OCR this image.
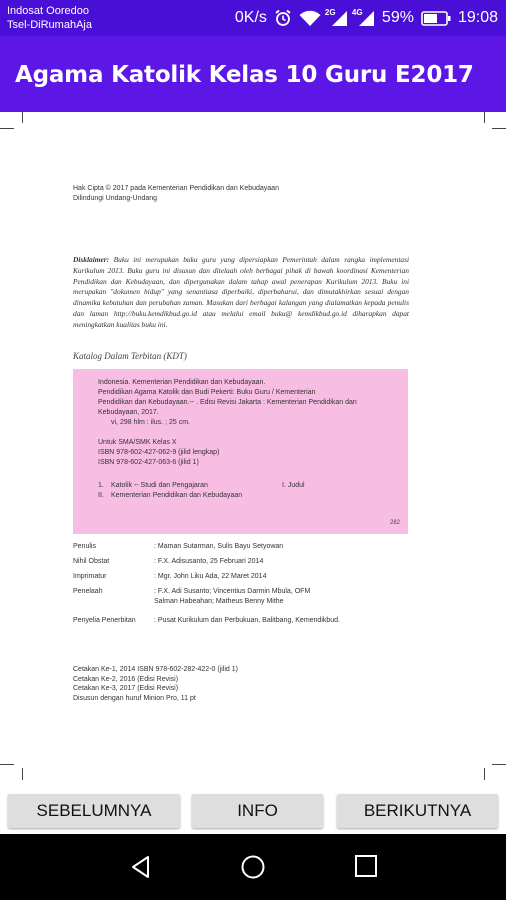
Indosat Ooredoo
Tsel-DiRumahAja	0K/s	2G 4G 59%	19:08
Agama Katolik Kelas 10 Guru E2017
Hak Cipta © 2017 pada Kementerian Pendidikan dan Kebudayaan
Dilindungi Undang-Undang
Disklaimer: Buku ini merupakan buku guru yang dipersiapkan Pemerintah dalam rangka implementasi Kurikulum 2013. Buku guru ini disusun dan ditelaah oleh berbagai pihak di bawah koordinasi Kementerian Pendidikan dan Kebudayaan, dan dipergunakan dalam tahap awal penerapan Kurikulum 2013. Buku ini merupakan "dokumen hidup" yang senantiasa diperbaiki, diperbaharui, dan dimutakhirkan sesuai dengan dinamika kebutuhan dan perubahan zaman. Masukan dari berbagai kalangan yang dialamatkan kepada penulis dan laman http://buku.kemdikbud.go.id atau melalui email buku@ kemdikbud.go.id diharapkan dapat meningkatkan kualitas buku ini.
Katalog Dalam Terbitan (KDT)
Indonesia. Kementerian Pendidikan dan Kebudayaan.
Pendidikan Agama Katolik dan Budi Pekerti: Buku Guru / Kementerian
Pendidikan dan Kebudayaan.-- . Edisi Revisi Jakarta : Kementerian Pendidikan dan
Kebudayaan, 2017.
vi, 298 hlm : ilus. ; 25 cm.
Untuk SMA/SMK Kelas X
ISBN 978-602-427-062-9 (jilid lengkap)
ISBN 978-602-427-063-6 (jilid 1)
1. Katolik -- Studi dan Pengajaran	I. Judul
II. Kementerian Pendidikan dan Kebudayaan
282
Penulis	: Maman Sutarman, Sulis Bayu Setyowan
Nihil Obstat	: F.X. Adisusanto, 25 Februari 2014
Imprimatur	: Mgr. John Liku Ada, 22 Maret 2014
Penelaah	: F.X. Adi Susanto; Vincentius Darmin Mbula, OFM
Salman Habeahan; Matheus Benny Mithe
Penyelia Penerbitan	: Pusat Kurikulum dan Perbukuan, Balitbang, Kemendikbud.
Cetakan Ke-1, 2014 ISBN 978-602-282-422-0 (jilid 1)
Cetakan Ke-2, 2016 (Edisi Revisi)
Cetakan Ke-3, 2017 (Edisi Revisi)
Disusun dengan huruf Minion Pro, 11 pt
SEBELUMNYA	INFO	BERIKUTNYA
